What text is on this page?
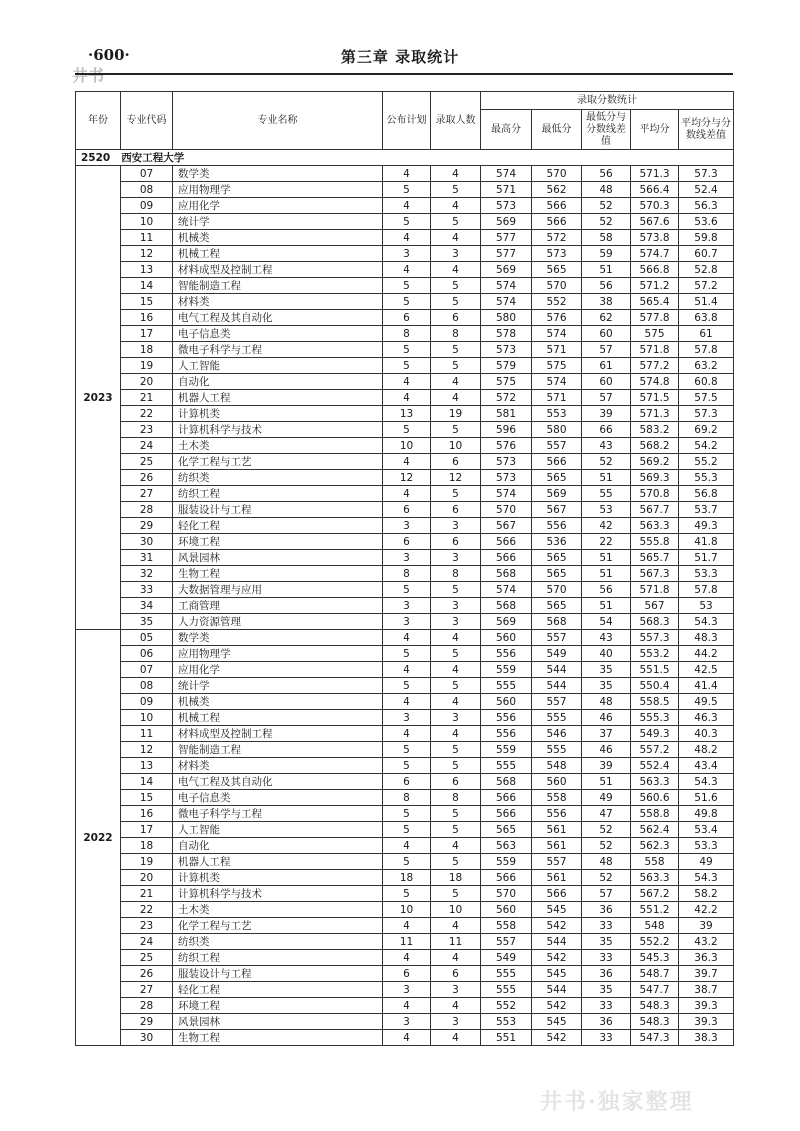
·600·	第三章 录取统计
井书
年份	专业代码	专业名称	公布计划	录取人数	录取分数统计				
					最高分	最低分	最低分与分数线差值	平均分	平均分与分数线差值
2520 西安工程大学									
2023	07	数学类	4	4	574	570	56	571.3	57.3
	08	应用物理学	5	5	571	562	48	566.4	52.4
	09	应用化学	4	4	573	566	52	570.3	56.3
	10	统计学	5	5	569	566	52	567.6	53.6
	11	机械类	4	4	577	572	58	573.8	59.8
	12	机械工程	3	3	577	573	59	574.7	60.7
	13	材料成型及控制工程	4	4	569	565	51	566.8	52.8
	14	智能制造工程	5	5	574	570	56	571.2	57.2
	15	材料类	5	5	574	552	38	565.4	51.4
	16	电气工程及其自动化	6	6	580	576	62	577.8	63.8
	17	电子信息类	8	8	578	574	60	575	61
	18	微电子科学与工程	5	5	573	571	57	571.8	57.8
	19	人工智能	5	5	579	575	61	577.2	63.2
	20	自动化	4	4	575	574	60	574.8	60.8
	21	机器人工程	4	4	572	571	57	571.5	57.5
	22	计算机类	13	19	581	553	39	571.3	57.3
	23	计算机科学与技术	5	5	596	580	66	583.2	69.2
	24	土木类	10	10	576	557	43	568.2	54.2
	25	化学工程与工艺	4	6	573	566	52	569.2	55.2
	26	纺织类	12	12	573	565	51	569.3	55.3
	27	纺织工程	4	5	574	569	55	570.8	56.8
	28	服装设计与工程	6	6	570	567	53	567.7	53.7
	29	轻化工程	3	3	567	556	42	563.3	49.3
	30	环境工程	6	6	566	536	22	555.8	41.8
	31	风景园林	3	3	566	565	51	565.7	51.7
	32	生物工程	8	8	568	565	51	567.3	53.3
	33	大数据管理与应用	5	5	574	570	56	571.8	57.8
	34	工商管理	3	3	568	565	51	567	53
	35	人力资源管理	3	3	569	568	54	568.3	54.3
2022	05	数学类	4	4	560	557	43	557.3	48.3
	06	应用物理学	5	5	556	549	40	553.2	44.2
	07	应用化学	4	4	559	544	35	551.5	42.5
	08	统计学	5	5	555	544	35	550.4	41.4
	09	机械类	4	4	560	557	48	558.5	49.5
	10	机械工程	3	3	556	555	46	555.3	46.3
	11	材料成型及控制工程	4	4	556	546	37	549.3	40.3
	12	智能制造工程	5	5	559	555	46	557.2	48.2
	13	材料类	5	5	555	548	39	552.4	43.4
	14	电气工程及其自动化	6	6	568	560	51	563.3	54.3
	15	电子信息类	8	8	566	558	49	560.6	51.6
	16	微电子科学与工程	5	5	566	556	47	558.8	49.8
	17	人工智能	5	5	565	561	52	562.4	53.4
	18	自动化	4	4	563	561	52	562.3	53.3
	19	机器人工程	5	5	559	557	48	558	49
	20	计算机类	18	18	566	561	52	563.3	54.3
	21	计算机科学与技术	5	5	570	566	57	567.2	58.2
	22	土木类	10	10	560	545	36	551.2	42.2
	23	化学工程与工艺	4	4	558	542	33	548	39
	24	纺织类	11	11	557	544	35	552.2	43.2
	25	纺织工程	4	4	549	542	33	545.3	36.3
	26	服装设计与工程	6	6	555	545	36	548.7	39.7
	27	轻化工程	3	3	555	544	35	547.7	38.7
	28	环境工程	4	4	552	542	33	548.3	39.3
	29	风景园林	3	3	553	545	36	548.3	39.3
	30	生物工程	4	4	551	542	33	547.3	38.3
井书·独家整理
